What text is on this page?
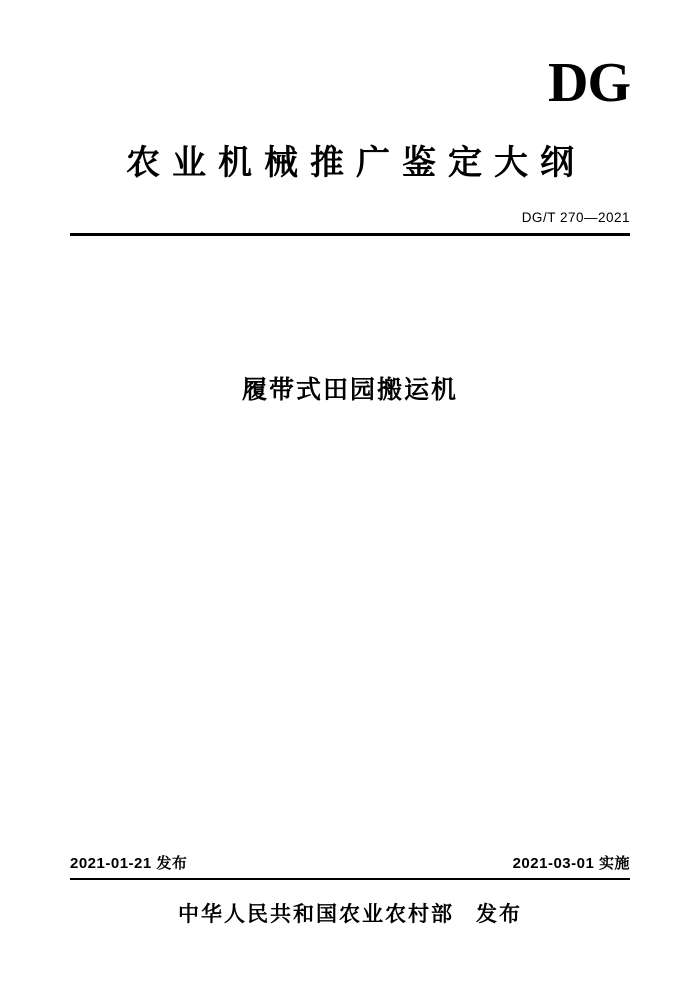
DG
农业机械推广鉴定大纲
DG/T 270—2021
履带式田园搬运机
2021-01-21 发布	2021-03-01 实施
中华人民共和国农业农村部 发布
